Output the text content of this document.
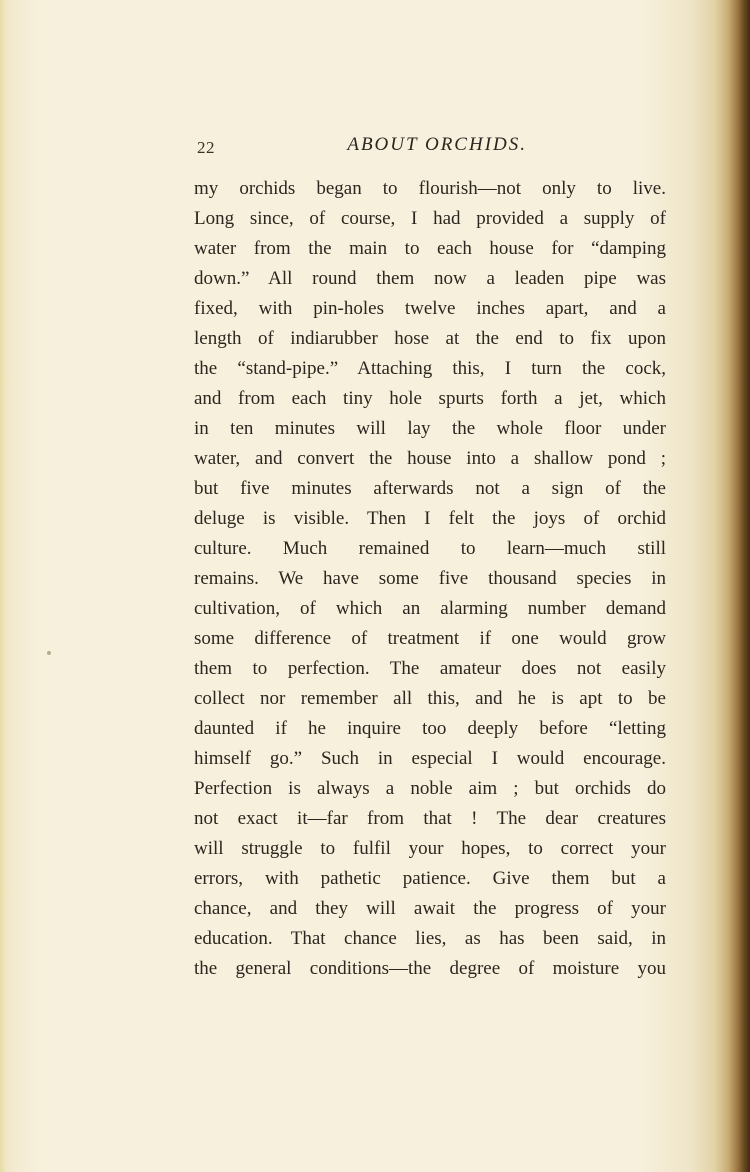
22	ABOUT ORCHIDS.
my orchids began to flourish—not only to live.
Long since, of course, I had provided a supply of
water from the main to each house for “damping
down.” All round them now a leaden pipe was
fixed, with pin-holes twelve inches apart, and a
length of indiarubber hose at the end to fix upon
the “stand-pipe.” Attaching this, I turn the cock,
and from each tiny hole spurts forth a jet, which
in ten minutes will lay the whole floor under
water, and convert the house into a shallow pond ;
but five minutes afterwards not a sign of the
deluge is visible. Then I felt the joys of orchid
culture. Much remained to learn—much still
remains. We have some five thousand species in
cultivation, of which an alarming number demand
some difference of treatment if one would grow
them to perfection. The amateur does not easily
collect nor remember all this, and he is apt to be
daunted if he inquire too deeply before “letting
himself go.” Such in especial I would encourage.
Perfection is always a noble aim ; but orchids do
not exact it—far from that ! The dear creatures
will struggle to fulfil your hopes, to correct your
errors, with pathetic patience. Give them but a
chance, and they will await the progress of your
education. That chance lies, as has been said, in
the general conditions—the degree of moisture you
